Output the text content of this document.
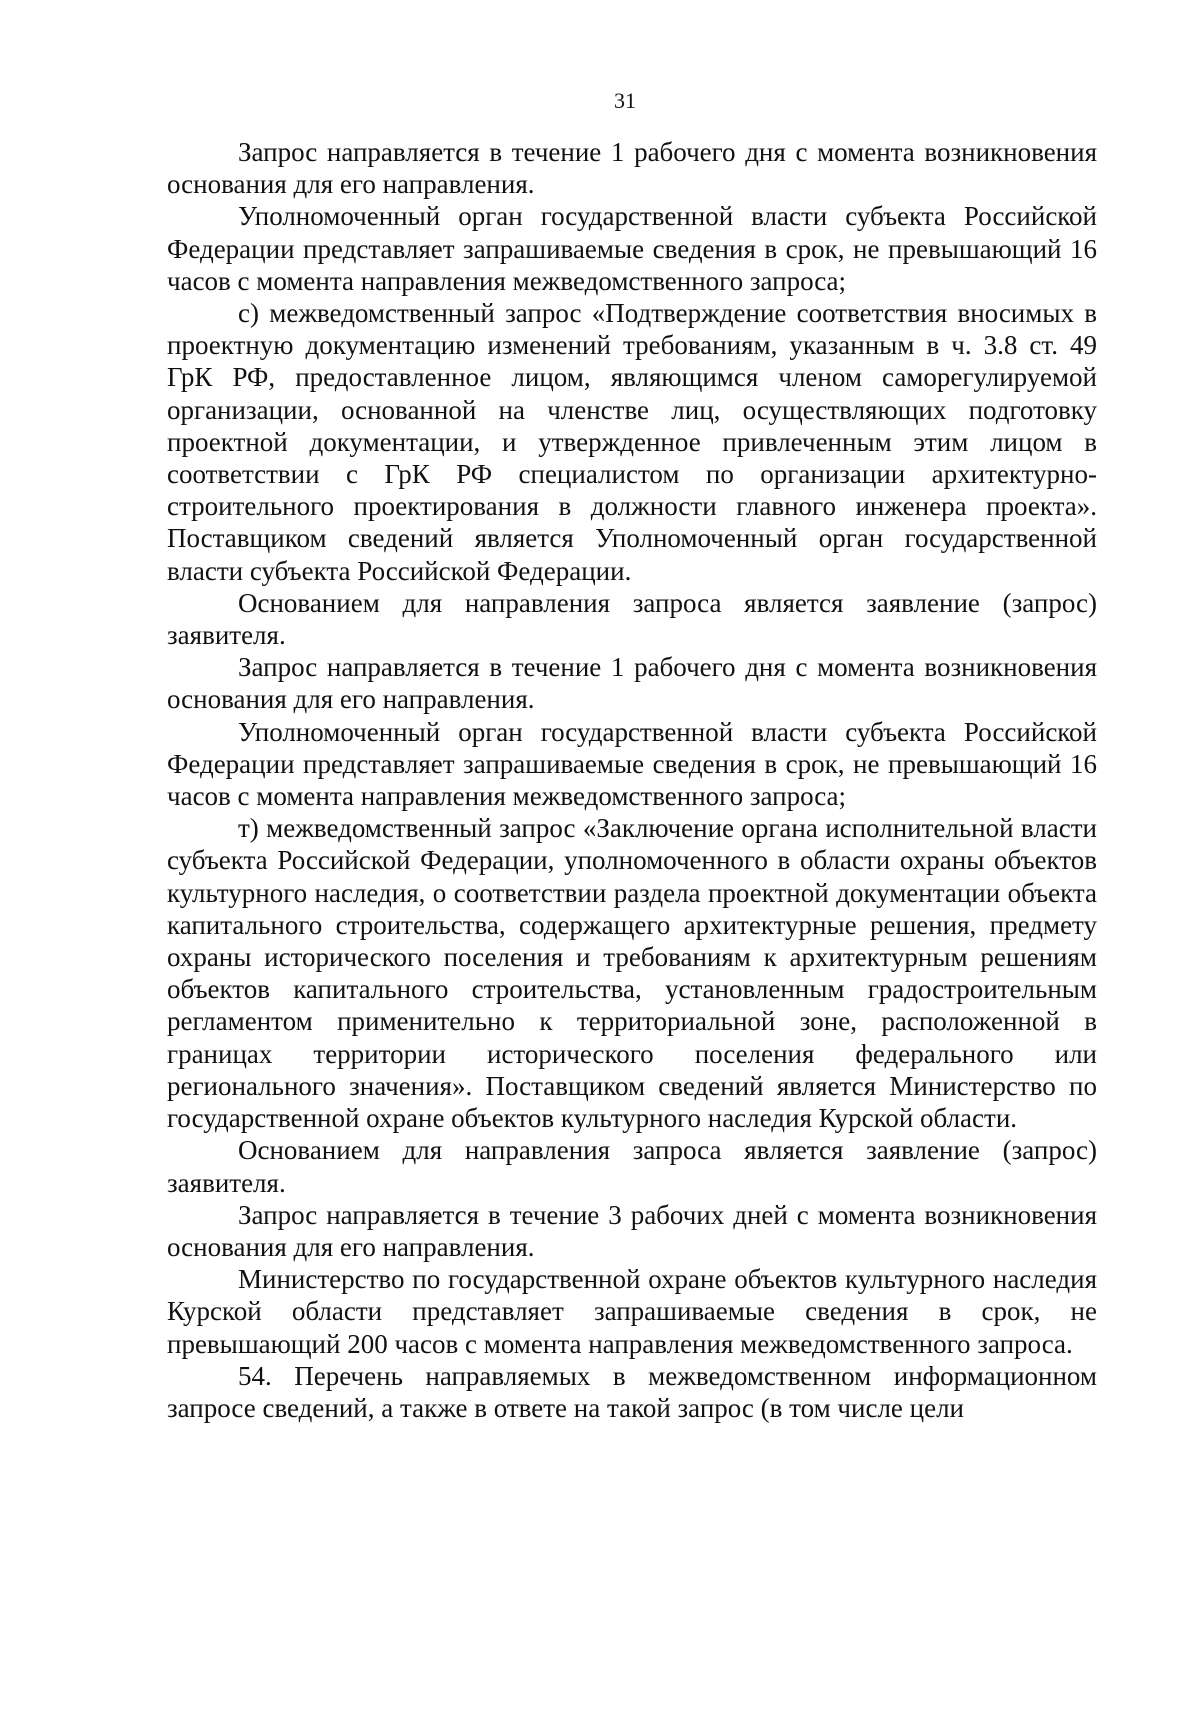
31

Запрос направляется в течение 1 рабочего дня с момента возникновения основания для его направления.

Уполномоченный орган государственной власти субъекта Российской Федерации представляет запрашиваемые сведения в срок, не превышающий 16 часов с момента направления межведомственного запроса;

с) межведомственный запрос «Подтверждение соответствия вносимых в проектную документацию изменений требованиям, указанным в ч. 3.8 ст. 49 ГрК РФ, предоставленное лицом, являющимся членом саморегулируемой организации, основанной на членстве лиц, осуществляющих подготовку проектной документации, и утвержденное привлеченным этим лицом в соответствии с ГрК РФ специалистом по организации архитектурно-строительного проектирования в должности главного инженера проекта». Поставщиком сведений является Уполномоченный орган государственной власти субъекта Российской Федерации.

Основанием для направления запроса является заявление (запрос) заявителя.

Запрос направляется в течение 1 рабочего дня с момента возникновения основания для его направления.

Уполномоченный орган государственной власти субъекта Российской Федерации представляет запрашиваемые сведения в срок, не превышающий 16 часов с момента направления межведомственного запроса;

т) межведомственный запрос «Заключение органа исполнительной власти субъекта Российской Федерации, уполномоченного в области охраны объектов культурного наследия, о соответствии раздела проектной документации объекта капитального строительства, содержащего архитектурные решения, предмету охраны исторического поселения и требованиям к архитектурным решениям объектов капитального строительства, установленным градостроительным регламентом применительно к территориальной зоне, расположенной в границах территории исторического поселения федерального или регионального значения». Поставщиком сведений является Министерство по государственной охране объектов культурного наследия Курской области.

Основанием для направления запроса является заявление (запрос) заявителя.

Запрос направляется в течение 3 рабочих дней с момента возникновения основания для его направления.

Министерство по государственной охране объектов культурного наследия Курской области представляет запрашиваемые сведения в срок, не превышающий 200 часов с момента направления межведомственного запроса.

54. Перечень направляемых в межведомственном информационном запросе сведений, а также в ответе на такой запрос (в том числе цели
